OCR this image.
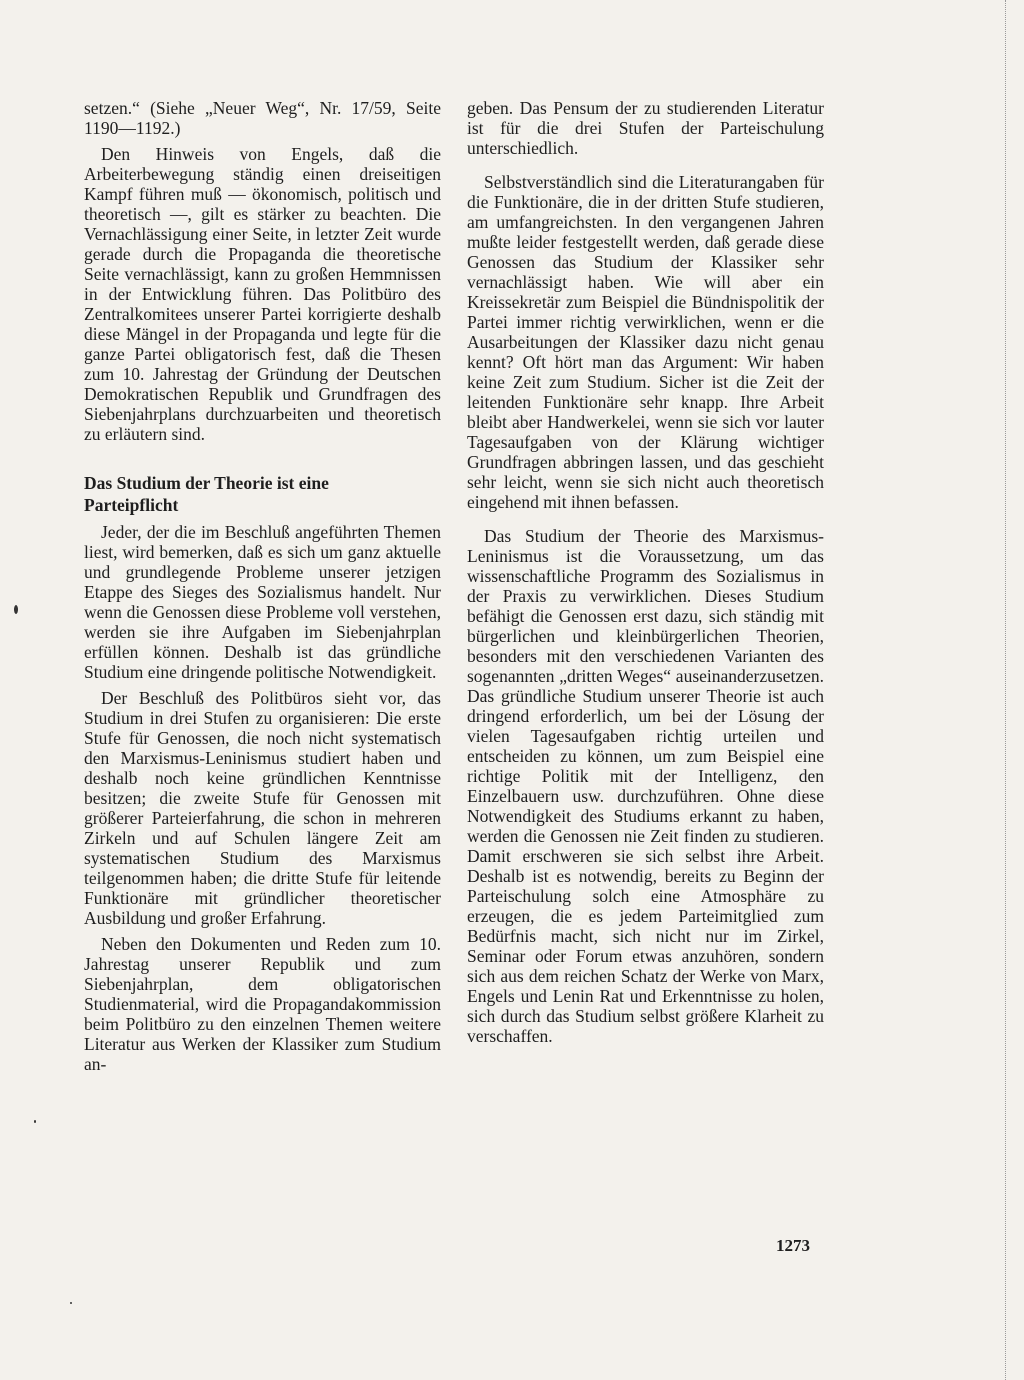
setzen.“ (Siehe „Neuer Weg“, Nr. 17/59, Seite 1190—1192.)

Den Hinweis von Engels, daß die Arbeiterbewegung ständig einen dreiseitigen Kampf führen muß — ökonomisch, politisch und theoretisch —, gilt es stärker zu beachten. Die Vernachlässigung einer Seite, in letzter Zeit wurde gerade durch die Propaganda die theoretische Seite vernachlässigt, kann zu großen Hemmnissen in der Entwicklung führen. Das Politbüro des Zentralkomitees unserer Partei korrigierte deshalb diese Mängel in der Propaganda und legte für die ganze Partei obligatorisch fest, daß die Thesen zum 10. Jahrestag der Gründung der Deutschen Demokratischen Republik und Grundfragen des Siebenjahrplans durchzuarbeiten und theoretisch zu erläutern sind.

Das Studium der Theorie ist eine Parteipflicht

Jeder, der die im Beschluß angeführten Themen liest, wird bemerken, daß es sich um ganz aktuelle und grundlegende Probleme unserer jetzigen Etappe des Sieges des Sozialismus handelt. Nur wenn die Genossen diese Probleme voll verstehen, werden sie ihre Aufgaben im Siebenjahrplan erfüllen können. Deshalb ist das gründliche Studium eine dringende politische Notwendigkeit.

Der Beschluß des Politbüros sieht vor, das Studium in drei Stufen zu organisieren: Die erste Stufe für Genossen, die noch nicht systematisch den Marxismus-Leninismus studiert haben und deshalb noch keine gründlichen Kenntnisse besitzen; die zweite Stufe für Genossen mit größerer Parteierfahrung, die schon in mehreren Zirkeln und auf Schulen längere Zeit am systematischen Studium des Marxismus teilgenommen haben; die dritte Stufe für leitende Funktionäre mit gründlicher theoretischer Ausbildung und großer Erfahrung.

Neben den Dokumenten und Reden zum 10. Jahrestag unserer Republik und zum Siebenjahrplan, dem obligatorischen Studienmaterial, wird die Propagandakommission beim Politbüro zu den einzelnen Themen weitere Literatur aus Werken der Klassiker zum Studium an-

geben. Das Pensum der zu studierenden Literatur ist für die drei Stufen der Parteischulung unterschiedlich.

Selbstverständlich sind die Literaturangaben für die Funktionäre, die in der dritten Stufe studieren, am umfangreichsten. In den vergangenen Jahren mußte leider festgestellt werden, daß gerade diese Genossen das Studium der Klassiker sehr vernachlässigt haben. Wie will aber ein Kreissekretär zum Beispiel die Bündnispolitik der Partei immer richtig verwirklichen, wenn er die Ausarbeitungen der Klassiker dazu nicht genau kennt? Oft hört man das Argument: Wir haben keine Zeit zum Studium. Sicher ist die Zeit der leitenden Funktionäre sehr knapp. Ihre Arbeit bleibt aber Handwerkelei, wenn sie sich vor lauter Tagesaufgaben von der Klärung wichtiger Grundfragen abbringen lassen, und das geschieht sehr leicht, wenn sie sich nicht auch theoretisch eingehend mit ihnen befassen.

Das Studium der Theorie des Marxismus-Leninismus ist die Voraussetzung, um das wissenschaftliche Programm des Sozialismus in der Praxis zu verwirklichen. Dieses Studium befähigt die Genossen erst dazu, sich ständig mit bürgerlichen und kleinbürgerlichen Theorien, besonders mit den verschiedenen Varianten des sogenannten „dritten Weges“ auseinanderzusetzen. Das gründliche Studium unserer Theorie ist auch dringend erforderlich, um bei der Lösung der vielen Tagesaufgaben richtig urteilen und entscheiden zu können, um zum Beispiel eine richtige Politik mit der Intelligenz, den Einzelbauern usw. durchzuführen. Ohne diese Notwendigkeit des Studiums erkannt zu haben, werden die Genossen nie Zeit finden zu studieren. Damit erschweren sie sich selbst ihre Arbeit. Deshalb ist es notwendig, bereits zu Beginn der Parteischulung solch eine Atmosphäre zu erzeugen, die es jedem Parteimitglied zum Bedürfnis macht, sich nicht nur im Zirkel, Seminar oder Forum etwas anzuhören, sondern sich aus dem reichen Schatz der Werke von Marx, Engels und Lenin Rat und Erkenntnisse zu holen, sich durch das Studium selbst größere Klarheit zu verschaffen.

1273
